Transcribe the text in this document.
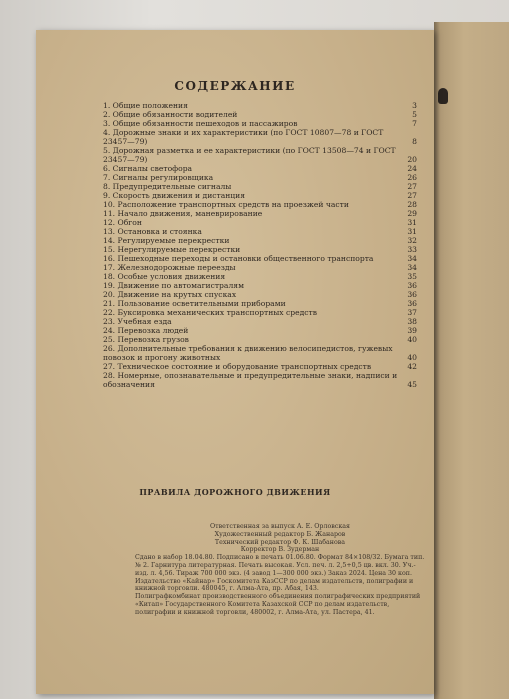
СОДЕРЖАНИЕ
1. Общие положения	3
2. Общие обязанности водителей	5
3. Общие обязанности пешеходов и пассажиров	7
4. Дорожные знаки и их характеристики (по ГОСТ 10807—78 и ГОСТ 23457—79)	8
5. Дорожная разметка и ее характеристики (по ГОСТ 13508—74 и ГОСТ 23457—79)	20
6. Сигналы светофора	24
7. Сигналы регулировщика	26
8. Предупредительные сигналы	27
9. Скорость движения и дистанция	27
10. Расположение транспортных средств на проезжей части	28
11. Начало движения, маневрирование	29
12. Обгон	31
13. Остановка и стоянка	31
14. Регулируемые перекрестки	32
15. Нерегулируемые перекрестки	33
16. Пешеходные переходы и остановки общественного транспорта	34
17. Железнодорожные переезды	34
18. Особые условия движения	35
19. Движение по автомагистралям	36
20. Движение на крутых спусках	36
21. Пользование осветительными приборами	36
22. Буксировка механических транспортных средств	37
23. Учебная езда	38
24. Перевозка людей	39
25. Перевозка грузов	40
26. Дополнительные требования к движению велосипедистов, гужевых повозок и прогону животных	40
27. Техническое состояние и оборудование транспортных средств	42
28. Номерные, опознавательные и предупредительные знаки, надписи и обозначения	45
ПРАВИЛА ДОРОЖНОГО ДВИЖЕНИЯ
Ответственная за выпуск А. Е. Орловская
Художественный редактор Б. Жанаров
Технический редактор Ф. К. Шабанова
Корректор В. Зудерман
Сдано в набор 18.04.80. Подписано в печать 01.06.80. Формат 84×108/32. Бумага тип. № 2. Гарнитура литературная. Печать высокая. Усл. печ. л. 2,5+0,5 цв. вкл. 30. Уч.-изд. л. 4,56. Тираж 700 000 экз. (4 завод 1—300 000 экз.) Заказ 2024. Цена 30 коп.
Издательство «Кайнар» Госкомитета КазССР по делам издательств, полиграфии и книжной торговли. 480045, г. Алма-Ата, пр. Абая, 143.
Полиграфкомбинат производственного объединения полиграфических предприятий «Китап» Государственного Комитета Казахской ССР по делам издательств, полиграфии и книжной торговли, 480002, г. Алма-Ата, ул. Пастера, 41.
